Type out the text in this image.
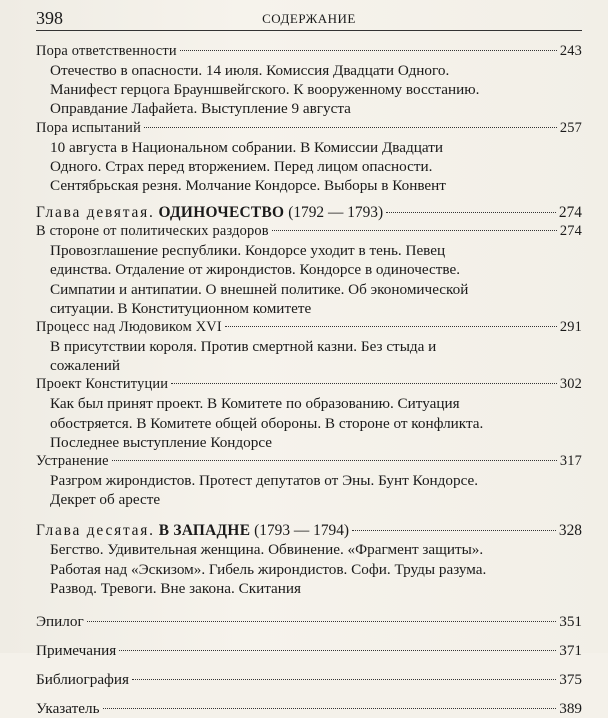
398	СОДЕРЖАНИЕ
Пора ответственности	243
Отечество в опасности. 14 июля. Комиссия Двадцати Одного.
Манифест герцога Брауншвейгского. К вооруженному восстанию.
Оправдание Лафайета. Выступление 9 августа
Пора испытаний	257
10 августа в Национальном собрании. В Комиссии Двадцати
Одного. Страх перед вторжением. Перед лицом опасности.
Сентябрьская резня. Молчание Кондорсе. Выборы в Конвент
Глава девятая. ОДИНОЧЕСТВО (1792 — 1793)	274
В стороне от политических раздоров	274
Провозглашение республики. Кондорсе уходит в тень. Певец
единства. Отдаление от жирондистов. Кондорсе в одиночестве.
Симпатии и антипатии. О внешней политике. Об экономической
ситуации. В Конституционном комитете
Процесс над Людовиком XVI	291
В присутствии короля. Против смертной казни. Без стыда и
сожалений
Проект Конституции	302
Как был принят проект. В Комитете по образованию. Ситуация
обостряется. В Комитете общей обороны. В стороне от конфликта.
Последнее выступление Кондорсе
Устранение	317
Разгром жирондистов. Протест депутатов от Эны. Бунт Кондорсе.
Декрет об аресте
Глава десятая. В ЗАПАДНЕ (1793 — 1794)	328
Бегство. Удивительная женщина. Обвинение. «Фрагмент защиты».
Работая над «Эскизом». Гибель жирондистов. Софи. Труды разума.
Развод. Тревоги. Вне закона. Скитания
Эпилог	351
Примечания	371
Библиография	375
Указатель	389
